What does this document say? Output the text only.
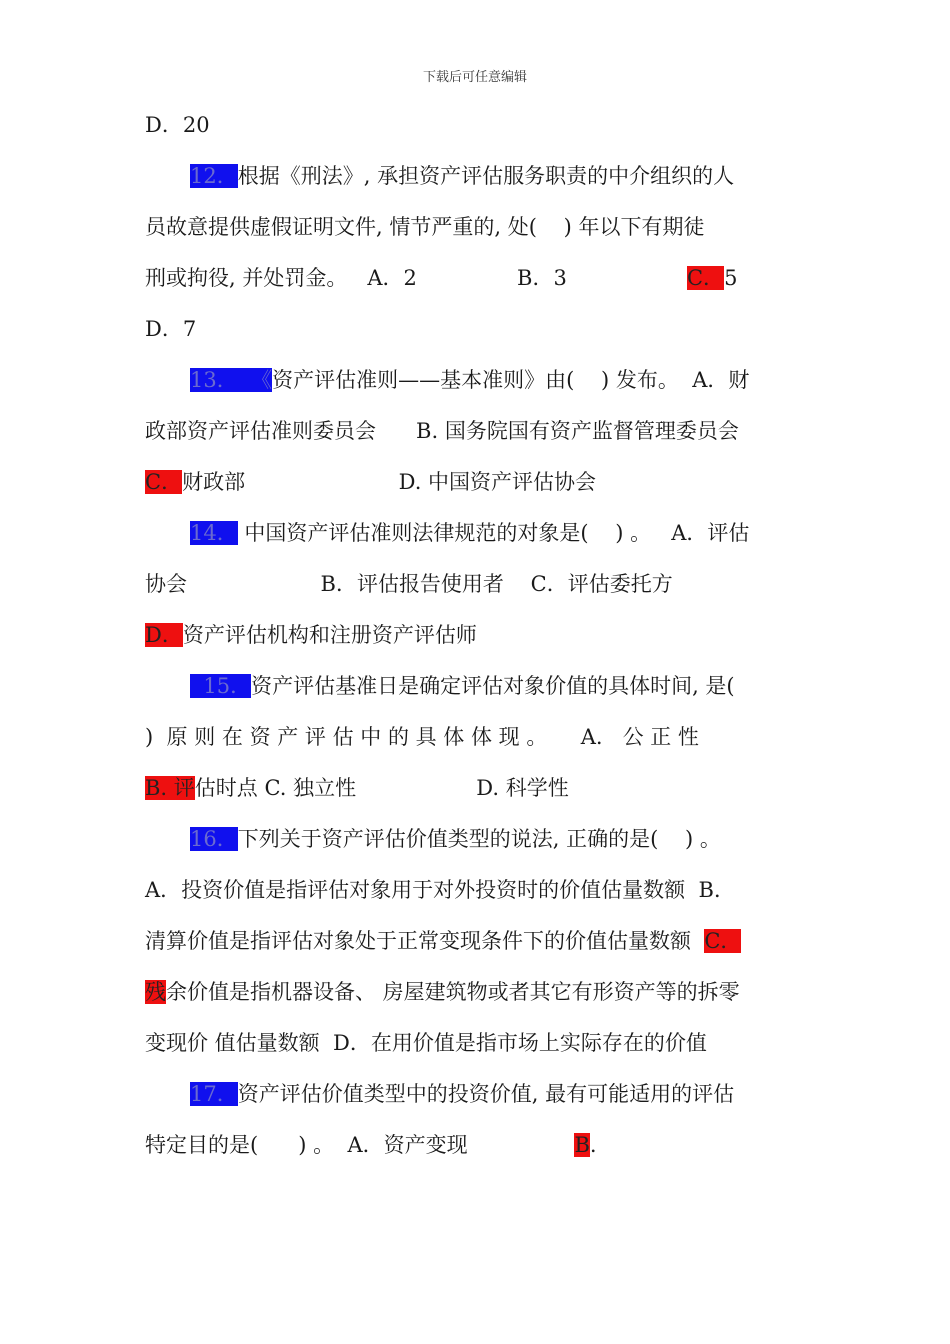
下载后可任意编辑
D．20
12．根据《刑法》, 承担资产评估服务职责的中介组织的人
员故意提供虚假证明文件, 情节严重的, 处(    ) 年以下有期徒
刑或拘役, 并处罚金。   A．2               B．3                  C．5
D．7
13．  《资产评估准则——基本准则》由(    ) 发布。  A．财
政部资产评估准则委员会      B. 国务院国有资产监督管理委员会
C．财政部                       D. 中国资产评估协会
14． 中国资产评估准则法律规范的对象是(    ) 。   A．评估
协会                    B．评估报告使用者    C．评估委托方
D．资产评估机构和注册资产评估师
15．资产评估基准日是确定评估对象价值的具体时间, 是(
)  原 则 在 资 产 评 估 中 的 具 体 体 现 。     A.   公 正 性
B. 评估时点 C. 独立性                  D. 科学性
16．下列关于资产评估价值类型的说法, 正确的是(    ) 。
A．投资价值是指评估对象用于对外投资时的价值估量数额  B．
清算价值是指评估对象处于正常变现条件下的价值估量数额  C．
残余价值是指机器设备、 房屋建筑物或者其它有形资产等的拆零
变现价 值估量数额  D．在用价值是指市场上实际存在的价值
17．资产评估价值类型中的投资价值, 最有可能适用的评估
特定目的是(      ) 。  A．资产变现                B.
